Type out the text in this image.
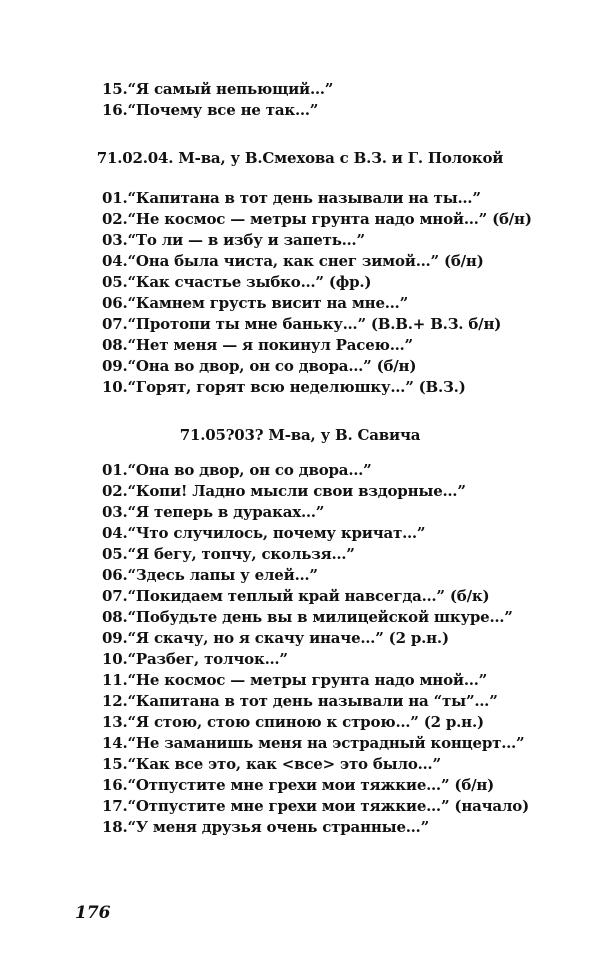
15.“Я самый непьющий…”
16.“Почему все не так…”
71.02.04. М-ва, у В.Смехова с В.З. и Г. Полокой
01.“Капитана в тот день называли на ты…”
02.“Не космос — метры грунта надо мной…” (б/н)
03.“То ли — в избу и запеть…”
04.“Она была чиста, как снег зимой…” (б/н)
05.“Как счастье зыбко…” (фр.)
06.“Камнем грусть висит на мне…”
07.“Протопи ты мне баньку…” (В.В.+ В.З. б/н)
08.“Нет меня — я покинул Расею…”
09.“Она во двор, он со двора…” (б/н)
10.“Горят, горят всю неделюшку…” (В.З.)
71.05?03? М-ва, у В. Савича
01.“Она во двор, он со двора…”
02.“Копи! Ладно мысли свои вздорные…”
03.“Я теперь в дураках…”
04.“Что случилось, почему кричат…”
05.“Я бегу, топчу, скользя…”
06.“Здесь лапы у елей…”
07.“Покидаем теплый край навсегда…” (б/к)
08.“Побудьте день вы в милицейской шкуре…”
09.“Я скачу, но я скачу иначе…” (2 р.н.)
10.“Разбег, толчок…”
11.“Не космос — метры грунта надо мной…”
12.“Капитана в тот день называли на “ты”…”
13.“Я стою, стою спиною к строю…” (2 р.н.)
14.“Не заманишь меня на эстрадный концерт…”
15.“Как все это, как <все> это было…”
16.“Отпустите мне грехи мои тяжкие…” (б/н)
17.“Отпустите мне грехи мои тяжкие…” (начало)
18.“У меня друзья очень странные…”
176
